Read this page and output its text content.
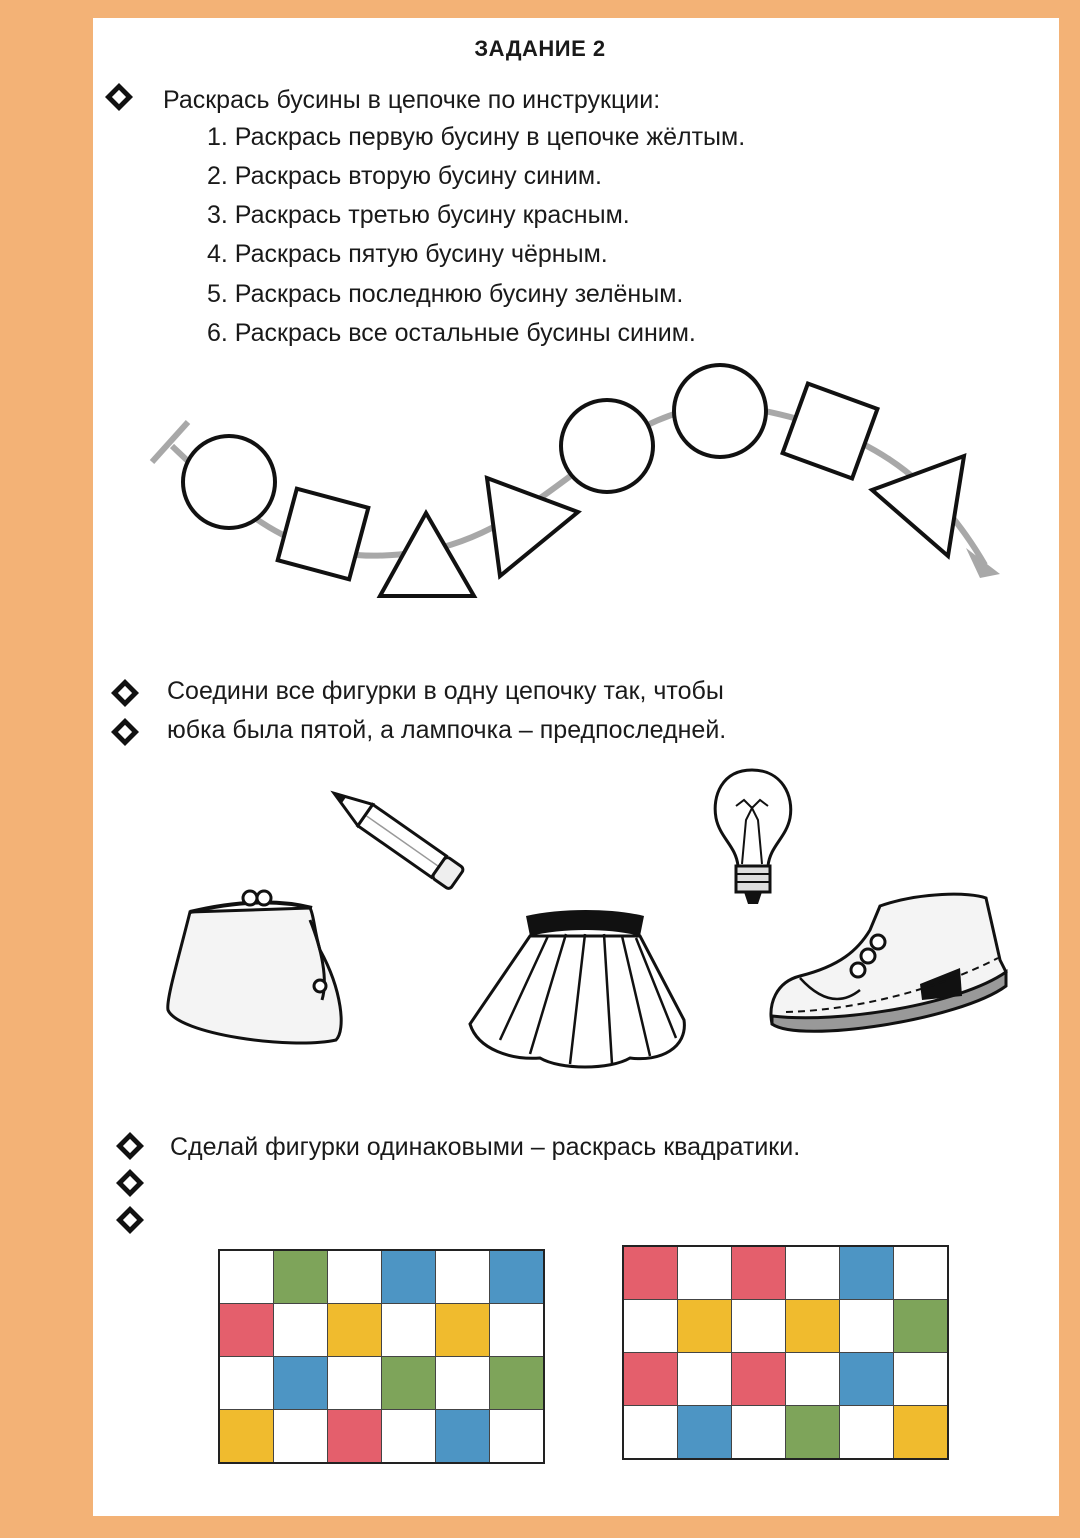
ЗАДАНИЕ 2
Раскрась бусины в цепочке по инструкции:
1. Раскрась первую бусину в цепочке жёлтым.
2. Раскрась вторую бусину синим.
3. Раскрась третью бусину красным.
4. Раскрась пятую бусину чёрным.
5. Раскрась последнюю бусину зелёным.
6. Раскрась все остальные бусины синим.
Соедини все фигурки в одну цепочку так, чтобы
юбка была пятой, а лампочка – предпоследней.
Сделай фигурки одинаковыми – раскрась квадратики.
